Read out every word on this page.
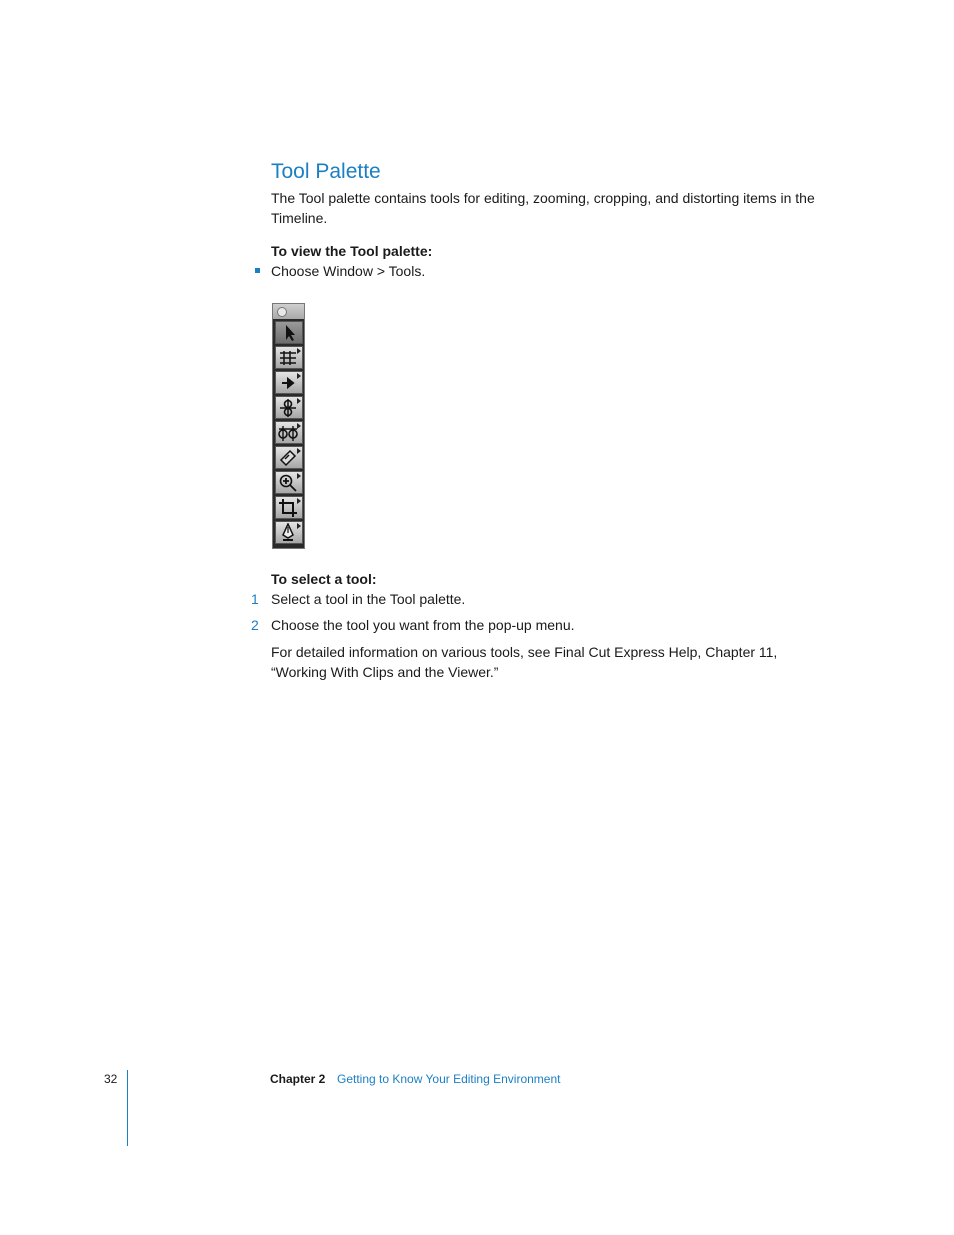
Tool Palette

The Tool palette contains tools for editing, zooming, cropping, and distorting items in the Timeline.

To view the Tool palette:

Choose Window > Tools.

To select a tool:

1 Select a tool in the Tool palette.

2 Choose the tool you want from the pop-up menu.

For detailed information on various tools, see Final Cut Express Help, Chapter 11, “Working With Clips and the Viewer.”

32	Chapter 2 Getting to Know Your Editing Environment
